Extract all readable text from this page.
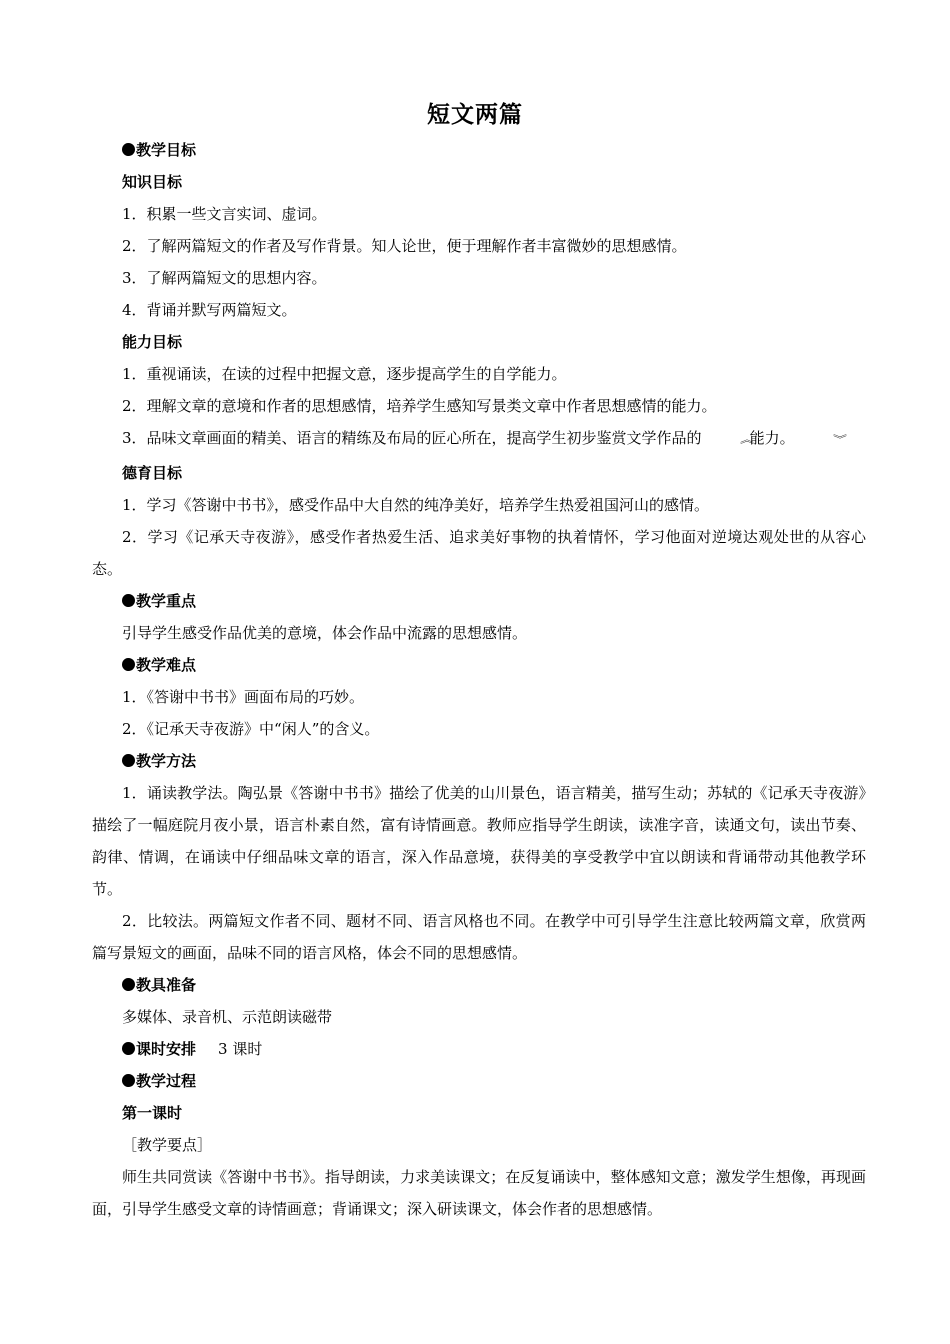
短文两篇

教学目标

知识目标

1．积累一些文言实词、虚词。

2．了解两篇短文的作者及写作背景。知人论世，便于理解作者丰富微妙的思想感情。

3．了解两篇短文的思想内容。

4．背诵并默写两篇短文。

能力目标

1．重视诵读，在读的过程中把握文意，逐步提高学生的自学能力。

2．理解文章的意境和作者的思想感情，培养学生感知写景类文章中作者思想感情的能力。

3．品味文章画面的精美、语言的精练及布局的匠心所在，提高学生初步鉴赏文学作品的	︽能力。	︾

德育目标

1．学习《答谢中书书》，感受作品中大自然的纯净美好，培养学生热爱祖国河山的感情。

2．学习《记承天寺夜游》，感受作者热爱生活、追求美好事物的执着情怀，学习他面对逆境达观处世的从容心态。

教学重点

引导学生感受作品优美的意境，体会作品中流露的思想感情。

教学难点

1．《答谢中书书》画面布局的巧妙。

2．《记承天寺夜游》中“闲人”的含义。

教学方法

1．诵读教学法。陶弘景《答谢中书书》描绘了优美的山川景色，语言精美，描写生动；苏轼的《记承天寺夜游》描绘了一幅庭院月夜小景，语言朴素自然，富有诗情画意。教师应指导学生朗读，读准字音，读通文句，读出节奏、韵律、情调，在诵读中仔细品味文章的语言，深入作品意境，获得美的享受教学中宜以朗读和背诵带动其他教学环节。

2．比较法。两篇短文作者不同、题材不同、语言风格也不同。在教学中可引导学生注意比较两篇文章，欣赏两篇写景短文的画面，品味不同的语言风格，体会不同的思想感情。

教具准备

多媒体、录音机、示范朗读磁带

课时安排 3 课时

教学过程

第一课时

［教学要点］

师生共同赏读《答谢中书书》。指导朗读，力求美读课文；在反复诵读中，整体感知文意；激发学生想像，再现画面，引导学生感受文章的诗情画意；背诵课文；深入研读课文，体会作者的思想感情。
